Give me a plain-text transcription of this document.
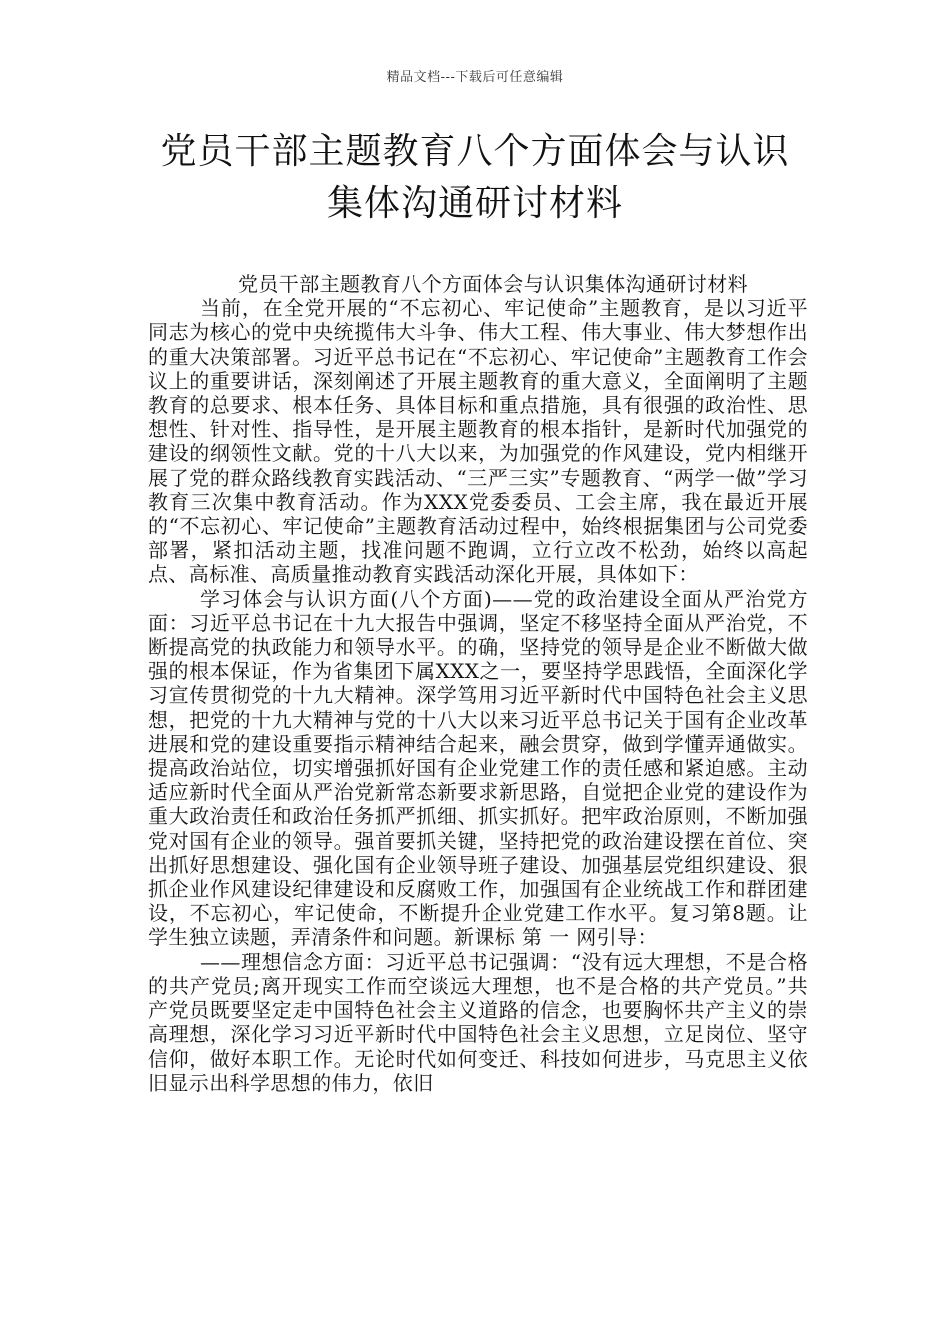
精品文档---下载后可任意编辑
党员干部主题教育八个方面体会与认识集体沟通研讨材料

党员干部主题教育八个方面体会与认识集体沟通研讨材料

当前，在全党开展的“不忘初心、牢记使命”主题教育，是以习近平同志为核心的党中央统揽伟大斗争、伟大工程、伟大事业、伟大梦想作出的重大决策部署。习近平总书记在“不忘初心、牢记使命”主题教育工作会议上的重要讲话，深刻阐述了开展主题教育的重大意义，全面阐明了主题教育的总要求、根本任务、具体目标和重点措施，具有很强的政治性、思想性、针对性、指导性，是开展主题教育的根本指针，是新时代加强党的建设的纲领性文献。党的十八大以来，为加强党的作风建设，党内相继开展了党的群众路线教育实践活动、“三严三实”专题教育、“两学一做”学习教育三次集中教育活动。作为XXX党委委员、工会主席，我在最近开展的“不忘初心、牢记使命”主题教育活动过程中，始终根据集团与公司党委部署，紧扣活动主题，找准问题不跑调，立行立改不松劲，始终以高起点、高标准、高质量推动教育实践活动深化开展，具体如下：

学习体会与认识方面(八个方面)——党的政治建设全面从严治党方面：习近平总书记在十九大报告中强调，坚定不移坚持全面从严治党，不断提高党的执政能力和领导水平。的确，坚持党的领导是企业不断做大做强的根本保证，作为省集团下属XXX之一，要坚持学思践悟，全面深化学习宣传贯彻党的十九大精神。深学笃用习近平新时代中国特色社会主义思想，把党的十九大精神与党的十八大以来习近平总书记关于国有企业改革进展和党的建设重要指示精神结合起来，融会贯穿，做到学懂弄通做实。提高政治站位，切实增强抓好国有企业党建工作的责任感和紧迫感。主动适应新时代全面从严治党新常态新要求新思路，自觉把企业党的建设作为重大政治责任和政治任务抓严抓细、抓实抓好。把牢政治原则，不断加强党对国有企业的领导。强首要抓关键，坚持把党的政治建设摆在首位、突出抓好思想建设、强化国有企业领导班子建设、加强基层党组织建设、狠抓企业作风建设纪律建设和反腐败工作，加强国有企业统战工作和群团建设，不忘初心，牢记使命，不断提升企业党建工作水平。复习第8题。让学生独立读题，弄清条件和问题。新课标 第 一 网引导：

——理想信念方面：习近平总书记强调：“没有远大理想，不是合格的共产党员;离开现实工作而空谈远大理想，也不是合格的共产党员。”共产党员既要坚定走中国特色社会主义道路的信念，也要胸怀共产主义的崇高理想，深化学习习近平新时代中国特色社会主义思想，立足岗位、坚守信仰，做好本职工作。无论时代如何变迁、科技如何进步，马克思主义依旧显示出科学思想的伟力，依旧
